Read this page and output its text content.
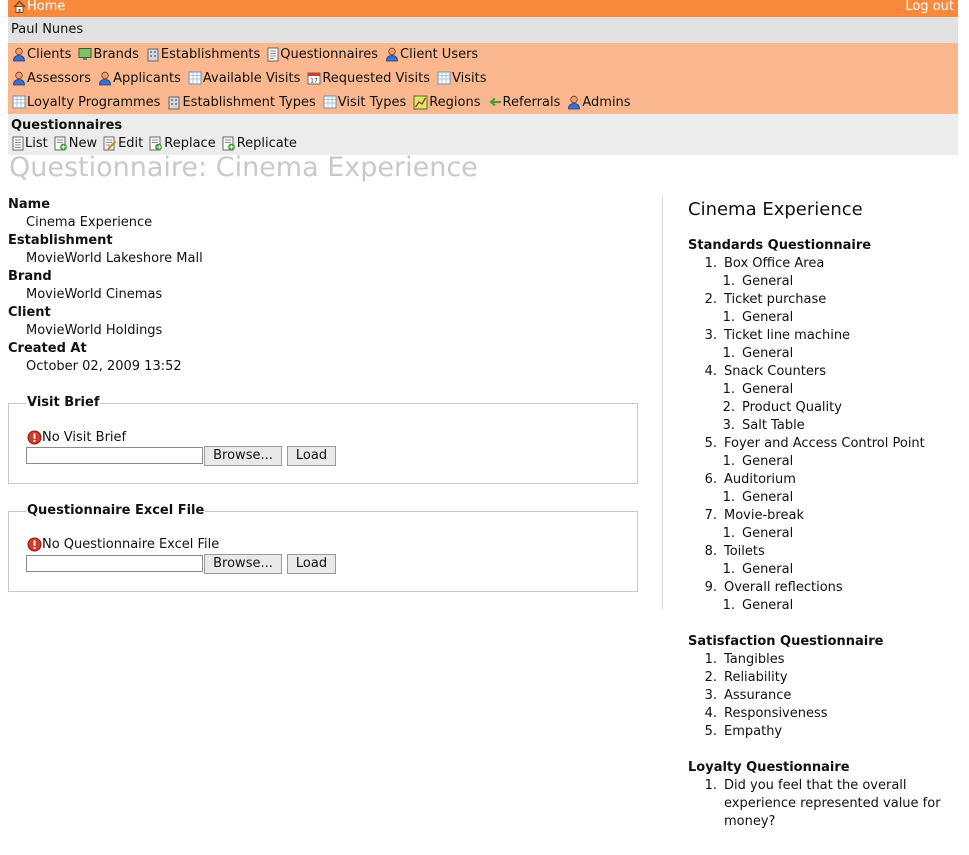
Home	Log out
Paul Nunes
Clients Brands Establishments Questionnaires Client Users
Assessors Applicants Available Visits 17 Requested Visits Visits
Loyalty Programmes Establishment Types Visit Types Regions Referrals Admins
Questionnaires
List New Edit Replace Replicate
Questionnaire: Cinema Experience
Name
Cinema Experience
Establishment
MovieWorld Lakeshore Mall
Brand
MovieWorld Cinemas
Client
MovieWorld Holdings
Created At
October 02, 2009 13:52
Visit Brief
No Visit Brief
Browse...	Load
Questionnaire Excel File
No Questionnaire Excel File
Browse...	Load
Cinema Experience
Standards Questionnaire
1. Box Office Area
1. General
2. Ticket purchase
1. General
3. Ticket line machine
1. General
4. Snack Counters
1. General
2. Product Quality
3. Salt Table
5. Foyer and Access Control Point
1. General
6. Auditorium
1. General
7. Movie-break
1. General
8. Toilets
1. General
9. Overall reflections
1. General
Satisfaction Questionnaire
1. Tangibles
2. Reliability
3. Assurance
4. Responsiveness
5. Empathy
Loyalty Questionnaire
1. Did you feel that the overall
experience represented value for
money?
